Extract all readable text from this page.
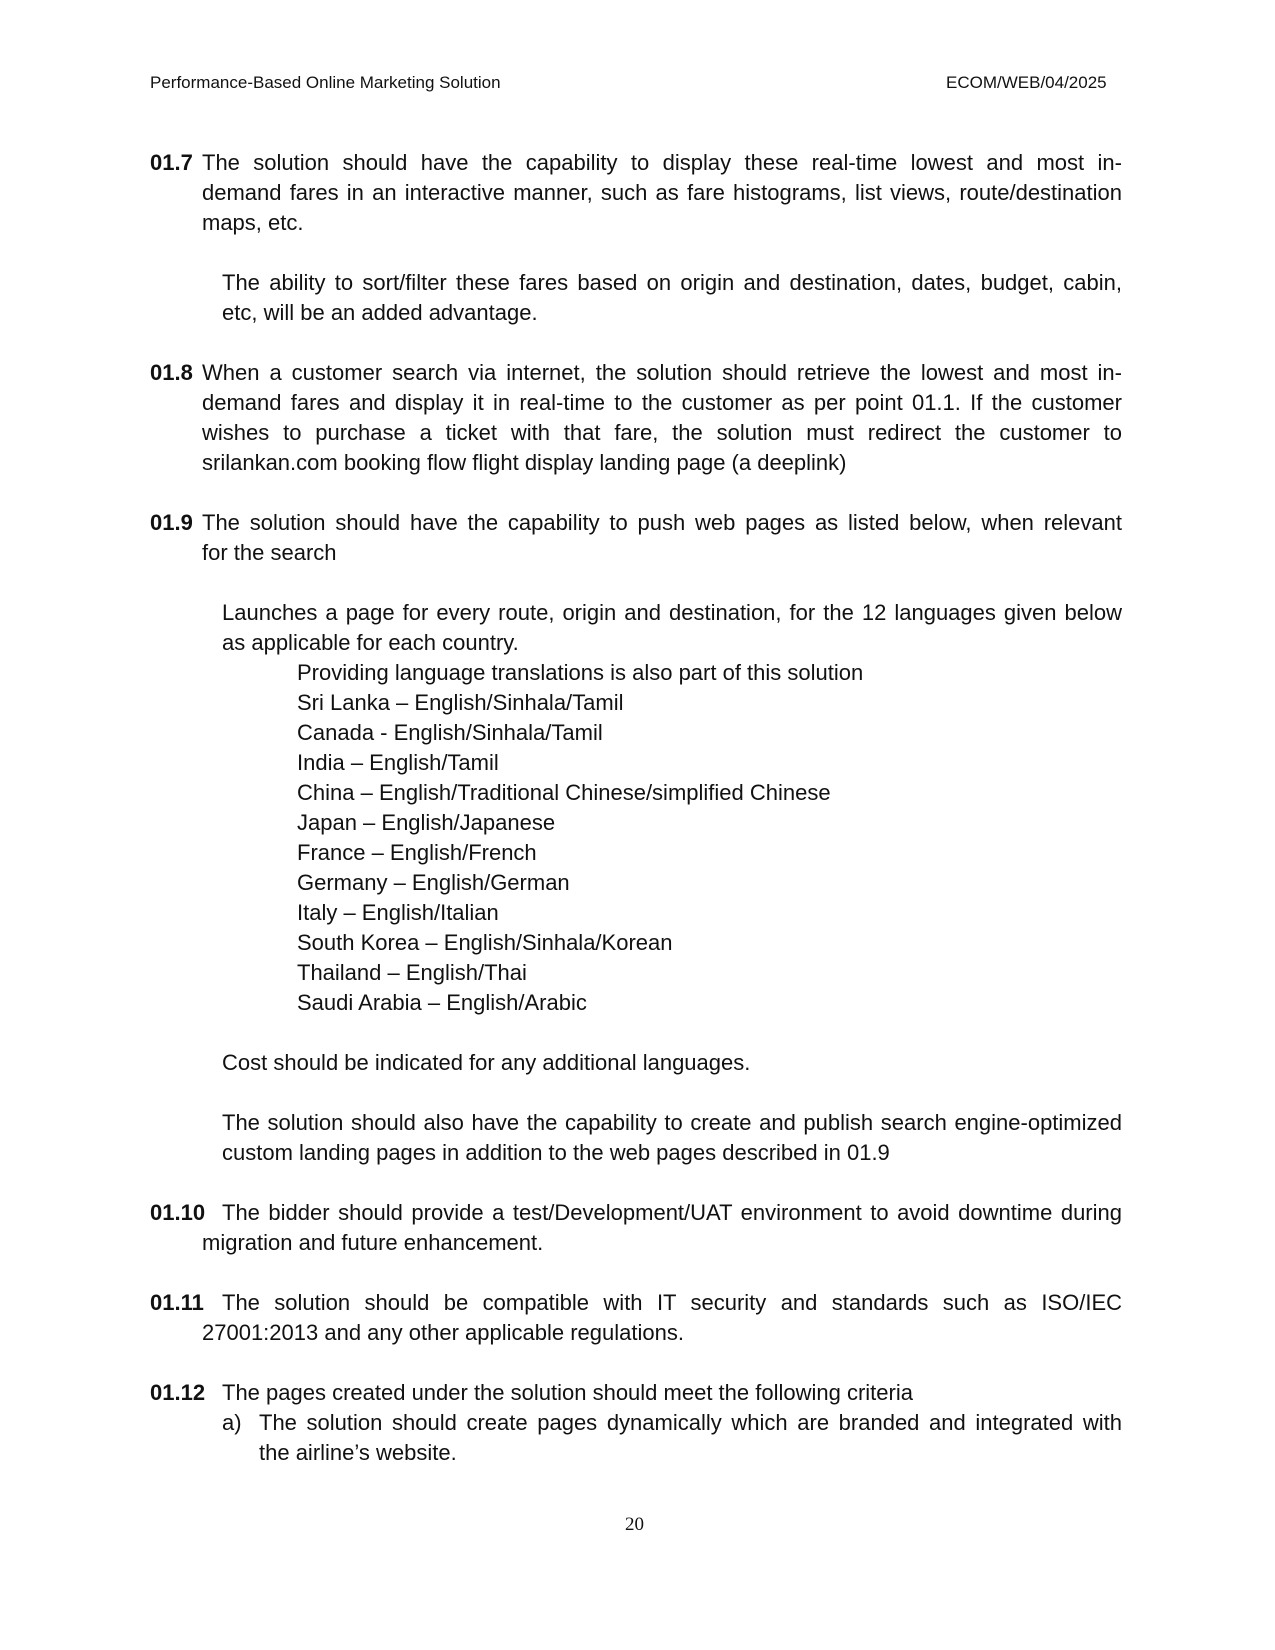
Performance-Based Online Marketing Solution	ECOM/WEB/04/2025
01.7 The solution should have the capability to display these real-time lowest and most in-
demand fares in an interactive manner, such as fare histograms, list views, route/destination
maps, etc.
The ability to sort/filter these fares based on origin and destination, dates, budget, cabin,
etc, will be an added advantage.
01.8 When a customer search via internet, the solution should retrieve the lowest and most in-
demand fares and display it in real-time to the customer as per point 01.1. If the customer
wishes to purchase a ticket with that fare, the solution must redirect the customer to
srilankan.com booking flow flight display landing page (a deeplink)
01.9 The solution should have the capability to push web pages as listed below, when relevant
for the search
Launches a page for every route, origin and destination, for the 12 languages given below
as applicable for each country.
Providing language translations is also part of this solution
Sri Lanka – English/Sinhala/Tamil
Canada - English/Sinhala/Tamil
India – English/Tamil
China – English/Traditional Chinese/simplified Chinese
Japan – English/Japanese
France – English/French
Germany – English/German
Italy – English/Italian
South Korea – English/Sinhala/Korean
Thailand – English/Thai
Saudi Arabia – English/Arabic
Cost should be indicated for any additional languages.
The solution should also have the capability to create and publish search engine-optimized
custom landing pages in addition to the web pages described in 01.9
01.10 The bidder should provide a test/Development/UAT environment to avoid downtime during
migration and future enhancement.
01.11 The solution should be compatible with IT security and standards such as ISO/IEC
27001:2013 and any other applicable regulations.
01.12 The pages created under the solution should meet the following criteria
a) The solution should create pages dynamically which are branded and integrated with
the airline’s website.
20
